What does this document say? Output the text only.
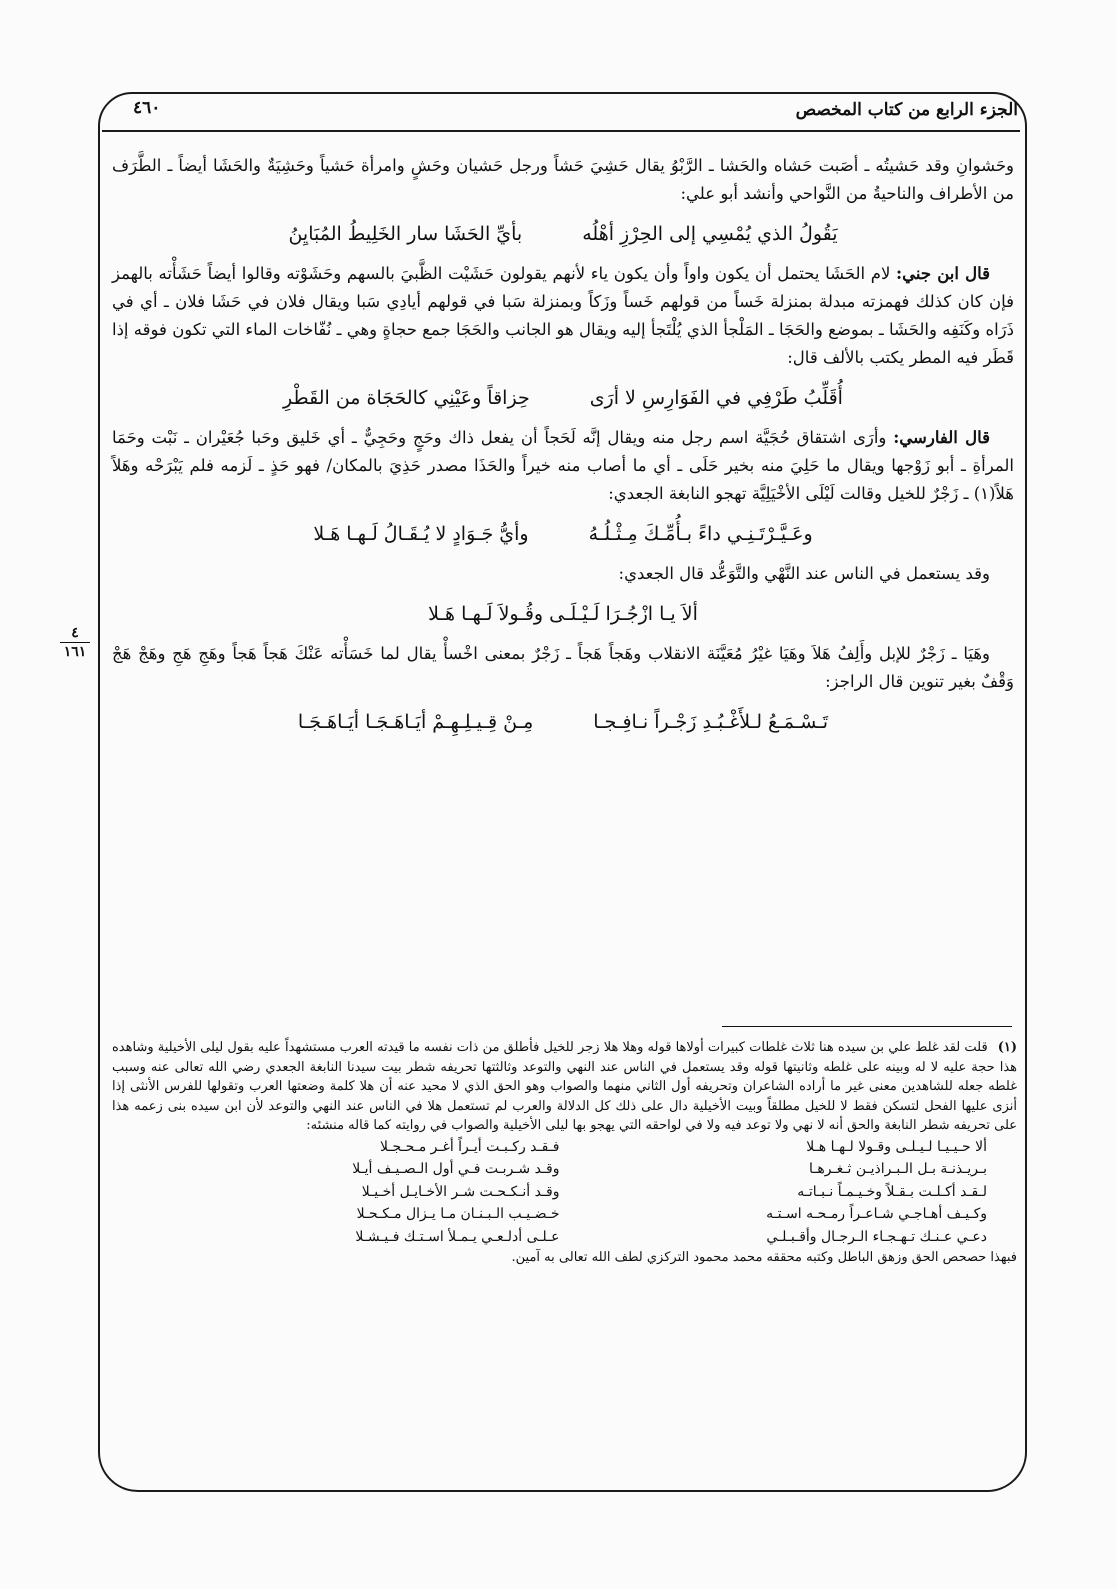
الجزء الرابع من كتاب المخصص
٤٦٠
٤
١٦١

وحَشوانِ وقد حَشيتُه ـ أصَبت حَشاه والحَشا ـ الرَّبْوُ يقال حَشِيَ حَشاً ورجل حَشيان وحَشٍ وامرأة حَشياً وحَشِيَةٌ والحَشَا أيضاً ـ الطَّرَف من الأطراف والناحيةُ من النَّواحي وأنشد أبو علي:

يَقُولُ الذي يُمْسِي إلى الحِرْزِ أهْلُه
بأيِّ الحَشَا سار الخَلِيطُ المُبَايِنُ

قال ابن جني: لام الحَشَا يحتمل أن يكون واواً وأن يكون ياء لأنهم يقولون حَشَيْت الظَّبيَ بالسهم وحَشَوْته وقالوا أيضاً حَشَأْته بالهمز فإن كان كذلك فهمزته مبدلة بمنزلة خَساً من قولهم خَساً وزَكاً وبمنزلة سَبا في قولهم أيادِي سَبا ويقال فلان في حَشَا فلان ـ أي في ذَرَاه وكَنَفِه والحَشَا ـ بموضع والحَجَا ـ المَلْجأ الذي يُلْتَجأ إليه ويقال هو الجانب والحَجَا جمع حجاةٍ وهي ـ نُفّاخات الماء التي تكون فوقه إذا قَطَر فيه المطر يكتب بالألف قال:

أُقَلِّبُ طَرْفِي في الفَوَارِسِ لا أرَى
حِزاقاً وعَيْنِي كالحَجَاة من القَطْرِ

قال الفارسي: وأرَى اشتقاق حُجَيَّة اسم رجل منه ويقال إنَّه لَحَجاً أن يفعل ذاك وحَجٍ وحَجِيٌّ ـ أي خَليق وحَبا جُعَيْران ـ نَبْت وحَمَا المرأةِ ـ أبو زَوْجها ويقال ما حَلِيَ منه بخير حَلَى ـ أي ما أصاب منه خيراً والحَذَا مصدر حَذِيَ بالمكان/ فهو حَذٍ ـ لَزمه فلم يَبْرَحْه وهَلاً هَلاً(١) ـ زَجْرٌ للخيل وقالت لَيْلَى الأخْيَلِيَّة تهجو النابغة الجعدي:

وعَـيَّـرْتَـنِـي داءً بـأُمِّـكَ مِـثْـلُـهُ
وأيُّ جَـوَادٍ لا يُـقَـالُ لَـهـا هَـلا

وقد يستعمل في الناس عند النَّهْي والتَّوَعُّد قال الجعدي:

ألاَ يـا ازْجُـرَا لَـيْـلَـى وقُـولاَ لَـهـا هَـلا

وهَيَا ـ زَجْرٌ للإبل وأَلِفُ هَلاَ وهَيَا غيْرُ مُعَيَّنَة الانقلاب وهَجاً هَجاً ـ زَجْرٌ بمعنى اخْسأْ يقال لما خَسَأْته عَنْكَ هَجاً هَجاً وهَجِ هَجِ وهَجْ هَجْ وَقْفٌ بغير تنوين قال الراجز:

تَـسْـمَـعُ لـلأَغْـبُـدِ زَجْـراً نـافِـجـا
مِـنْ قِـيـلِـهِـمْ أيَـاهَـجَـا أيَـاهَـجَـا

(١)قلت لقد غلط علي بن سيده هنا ثلاث غلطات كبيرات أولاها قوله وهلا هلا زجر للخيل فأطلق من ذات نفسه ما قيدته العرب مستشهداً عليه بقول ليلى الأخيلية وشاهده هذا حجة عليه لا له وبينه على غلطه وثانيتها قوله وقد يستعمل في الناس عند النهي والتوعد وثالثتها تحريفه شطر بيت سيدنا النابغة الجعدي رضي الله تعالى عنه وسبب غلطه جعله للشاهدين معنى غير ما أراده الشاعران وتحريفه أول الثاني منهما والصواب وهو الحق الذي لا محيد عنه أن هلا كلمة وضعتها العرب وتقولها للفرس الأنثى إذا أنزى عليها الفحل لتسكن فقط لا للخيل مطلقاً وبيت الأخيلية دال على ذلك كل الدلالة والعرب لم تستعمل هلا في الناس عند النهي والتوعد لأن ابن سيده بنى زعمه هذا على تحريفه شطر النابغة والحق أنه لا نهي ولا توعد فيه ولا في لواحقه التي يهجو بها ليلى الأخيلية والصواب في روايته كما قاله منشئه:

ألا حـيـيـا لـيـلـى وقـولا لـهـا هـلا
فـقـد ركـبـت أيـراً أغـر مـحـجـلا
بـريـذنـة بـل الـبـراذيـن ثـغـرهـا
وقـد شـربـت فـي أول الـصـيـف أيـلا
لـقـد أكـلـت بـقـلاً وخـيـمـاً نـبـاتـه
وقـد أنـكـحـت شـر الأخـايـل أخـيـلا
وكـيـف أهـاجـي شـاعـراً رمـحـه اسـتـه
خـضـيـب الـبـنـان مـا يـزال مـكـحـلا
دعـي عـنـك تـهـجـاء الـرجـال وأقـبـلـي
عـلـى أدلـعـي يـمـلأ اسـتـك فـيـشـلا

فبهذا حصحص الحق وزهق الباطل وكتبه محققه محمد محمود التركزي لطف الله تعالى به آمين.
